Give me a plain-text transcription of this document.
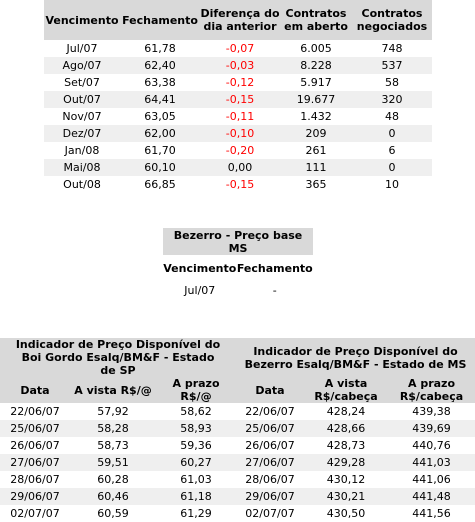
Vencimento	Fechamento	Diferença do dia anterior	Contratos em aberto	Contratos negociados
Jul/07	61,78	-0,07	6.005	748
Ago/07	62,40	-0,03	8.228	537
Set/07	63,38	-0,12	5.917	58
Out/07	64,41	-0,15	19.677	320
Nov/07	63,05	-0,11	1.432	48
Dez/07	62,00	-0,10	209	0
Jan/08	61,70	-0,20	261	6
Mai/08	60,10	0,00	111	0
Out/08	66,85	-0,15	365	10
Bezerro - Preço base MS	
Vencimento	Fechamento
Jul/07	-
Indicador de Preço Disponível do Boi Gordo Esalq/BM&F - Estado de SP			Indicador de Preço Disponível do Bezerro Esalq/BM&F - Estado de MS		
Data	A vista R$/@	A prazo R$/@	Data	A vista R$/cabeça	A prazo R$/cabeça
22/06/07	57,92	58,62	22/06/07	428,24	439,38
25/06/07	58,28	58,93	25/06/07	428,66	439,69
26/06/07	58,73	59,36	26/06/07	428,73	440,76
27/06/07	59,51	60,27	27/06/07	429,28	441,03
28/06/07	60,28	61,03	28/06/07	430,12	441,06
29/06/07	60,46	61,18	29/06/07	430,21	441,48
02/07/07	60,59	61,29	02/07/07	430,50	441,56
